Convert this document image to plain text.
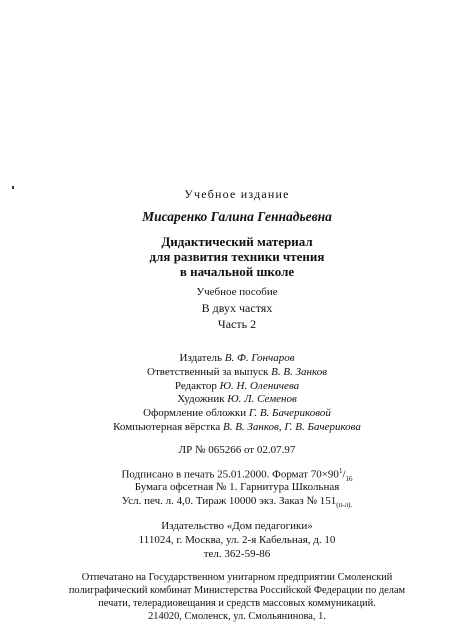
Учебное издание
Мисаренко Галина Геннадьевна
Дидактический материал
для развития техники чтения
в начальной школе
Учебное пособие
В двух частях
Часть 2
Издатель В. Ф. Гончаров
Ответственный за выпуск В. В. Занков
Редактор Ю. Н. Оленичева
Художник Ю. Л. Семенов
Оформление обложки Г. В. Бачериковой
Компьютерная вёрстка В. В. Занков, Г. В. Бачерикова
ЛР № 065266 от 02.07.97
Подписано в печать 25.01.2000. Формат $70\times 90^1/_{16}$
Бумага офсетная № 1. Гарнитура Школьная
Усл. печ. л. 4,0. Тираж 10000 экз. Заказ № $151_{(п-л).}$
Издательство «Дом педагогики»
111024, г. Москва, ул. 2-я Кабельная, д. 10
тел. 362-59-86
Отпечатано на Государственном унитарном предприятии Смоленский
полиграфический комбинат Министерства Российской Федерации по делам
печати, телерадиовещания и средств массовых коммуникаций.
214020, Смоленск, ул. Смольянинова, 1.
